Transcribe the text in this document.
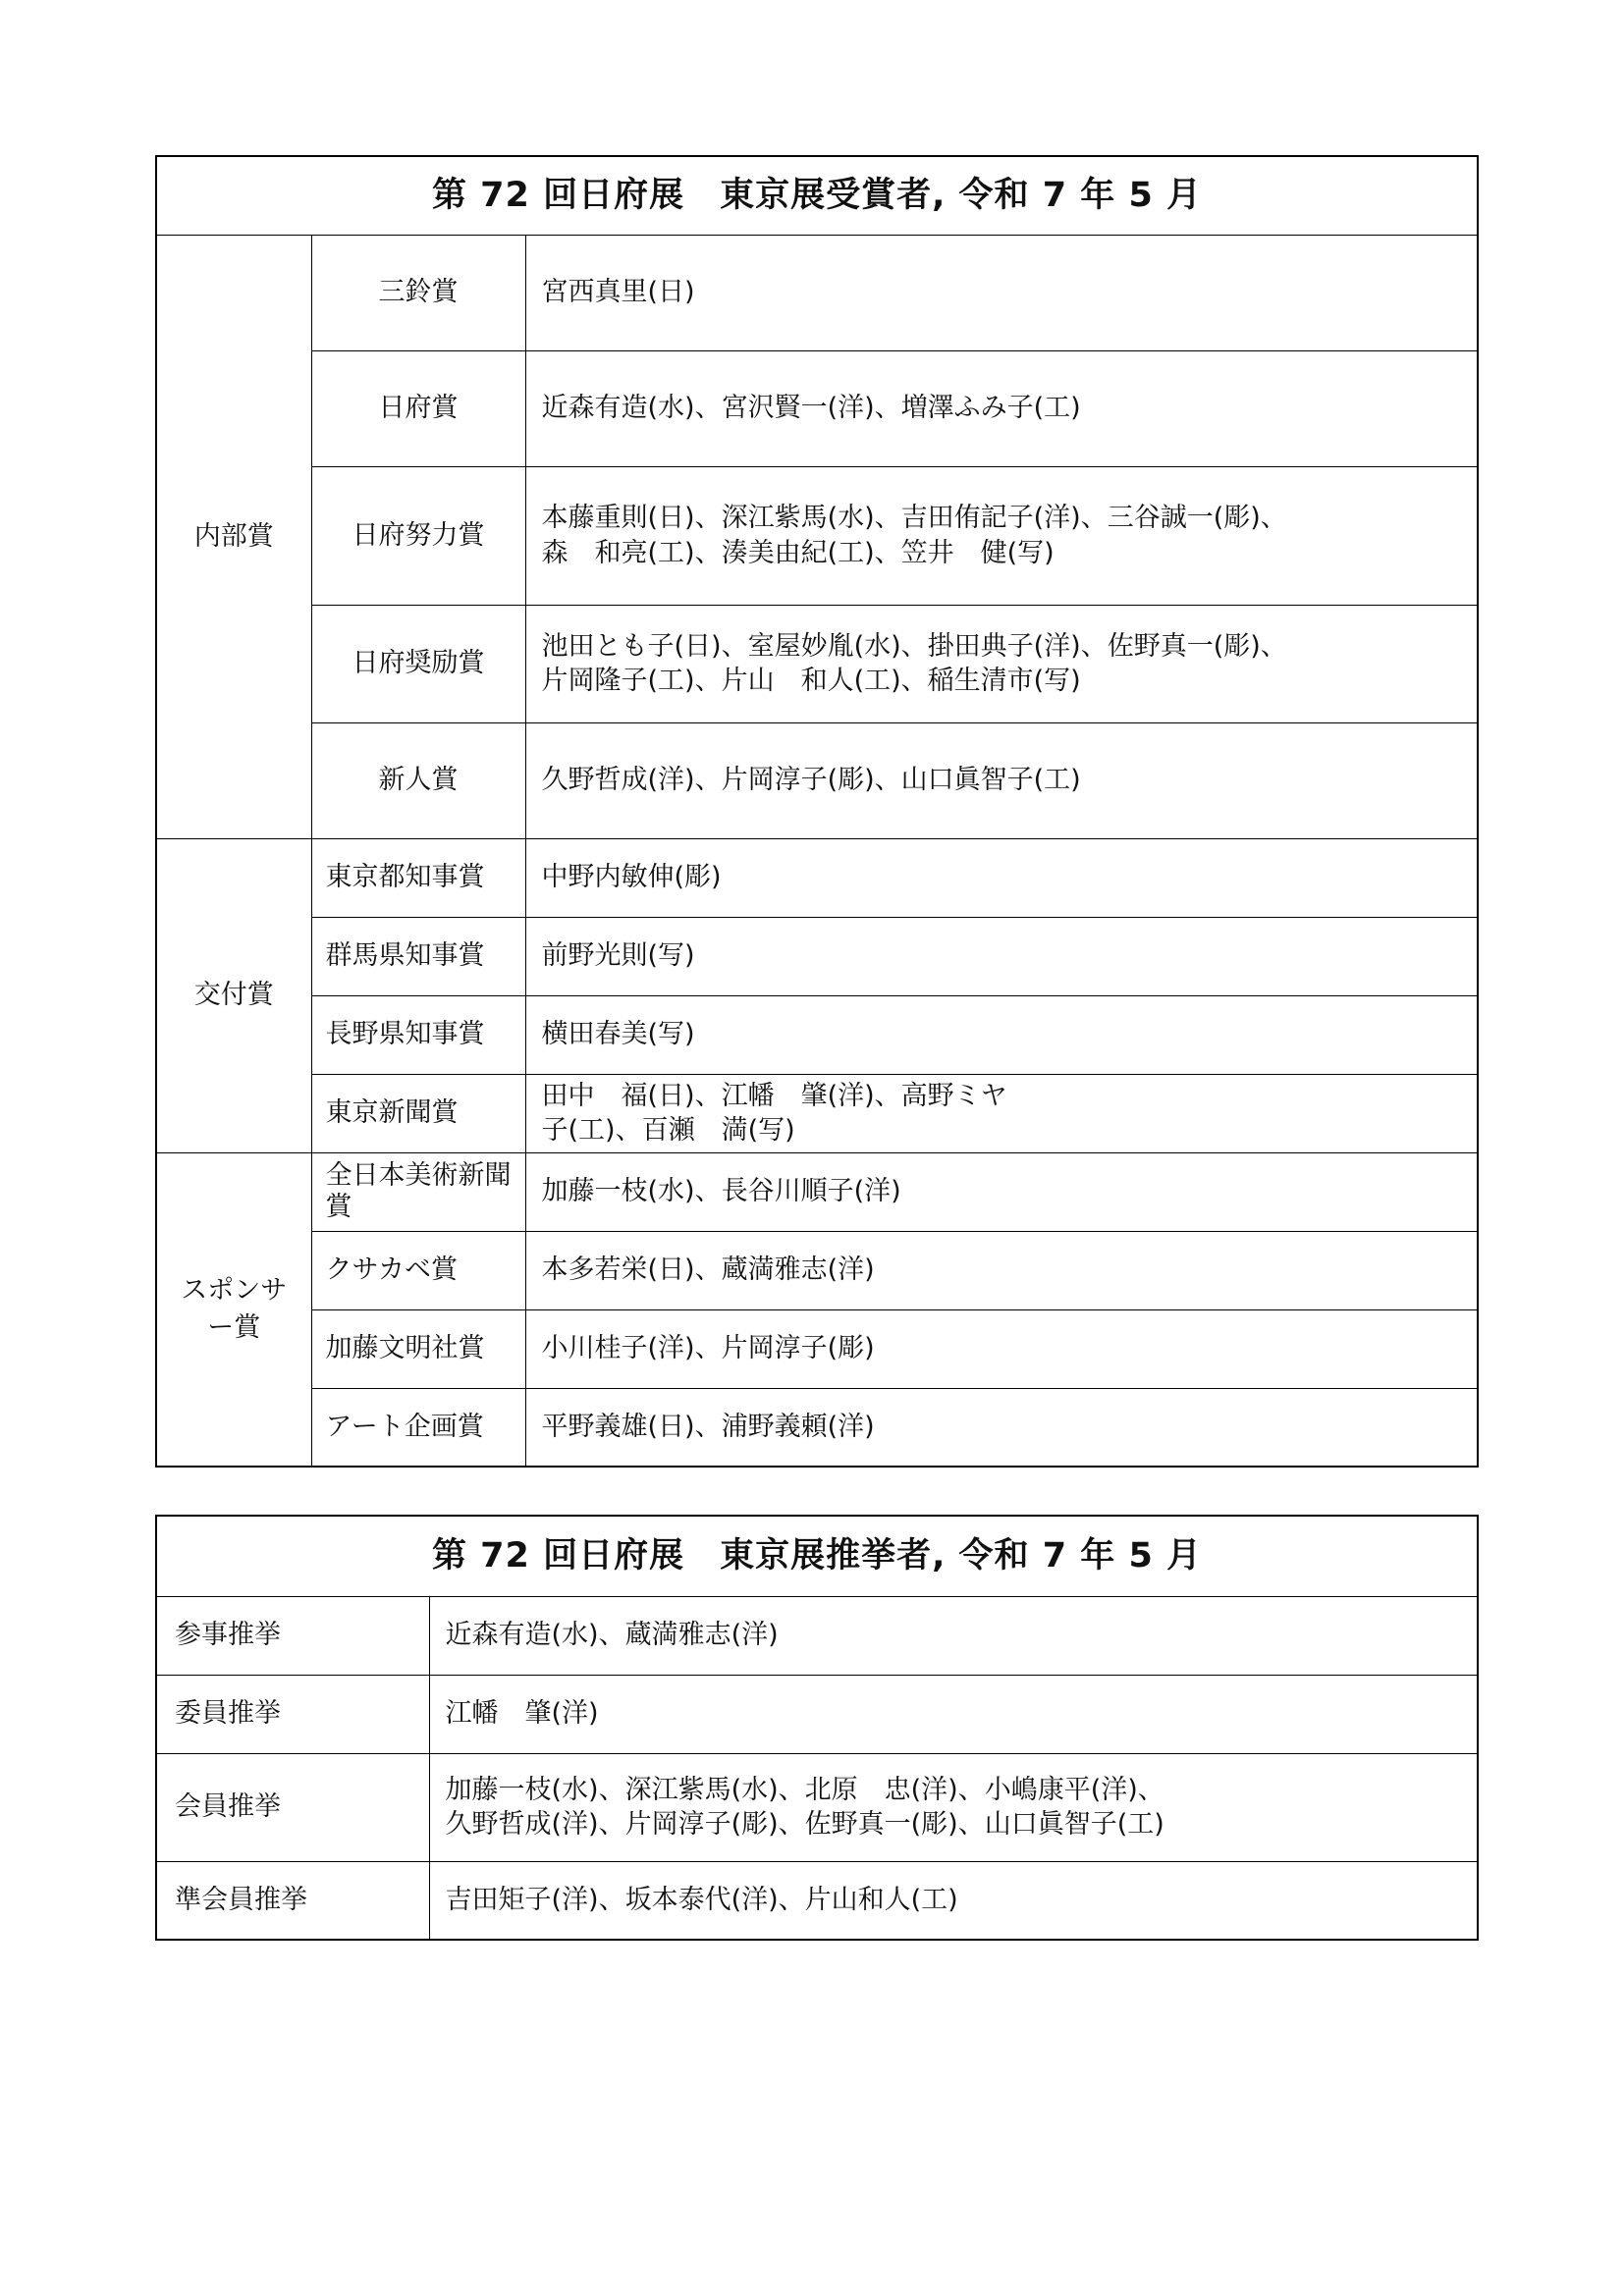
第 72 回日府展　東京展受賞者, 令和 7 年 5 月		
内部賞	三鈴賞	宮西真里(日)

	日府賞	近森有造(水)、宮沢賢一(洋)、増澤ふみ子(工)

	日府努力賞	本藤重則(日)、深江紫馬(水)、吉田侑記子(洋)、三谷誠一(彫)、
森　和亮(工)、湊美由紀(工)、笠井　健(写)

	日府奨励賞	池田とも子(日)、室屋妙胤(水)、掛田典子(洋)、佐野真一(彫)、
片岡隆子(工)、片山　和人(工)、稲生清市(写)

	新人賞	久野哲成(洋)、片岡淳子(彫)、山口眞智子(工)

交付賞	東京都知事賞	中野内敏伸(彫)

	群馬県知事賞	前野光則(写)

	長野県知事賞	横田春美(写)

	東京新聞賞	田中　福(日)、江幡　肇(洋)、高野ミヤ
子(工)、百瀬　満(写)

スポンサー賞	全日本美術新聞賞	加藤一枝(水)、長谷川順子(洋)

	クサカベ賞	本多若栄(日)、蔵満雅志(洋)

	加藤文明社賞	小川桂子(洋)、片岡淳子(彫)

	アート企画賞	平野義雄(日)、浦野義頼(洋)
第 72 回日府展　東京展推挙者, 令和 7 年 5 月	
参事推挙	近森有造(水)、蔵満雅志(洋)

委員推挙	江幡　肇(洋)

会員推挙	加藤一枝(水)、深江紫馬(水)、北原　忠(洋)、小嶋康平(洋)、
久野哲成(洋)、片岡淳子(彫)、佐野真一(彫)、山口眞智子(工)

準会員推挙	吉田矩子(洋)、坂本泰代(洋)、片山和人(工)
